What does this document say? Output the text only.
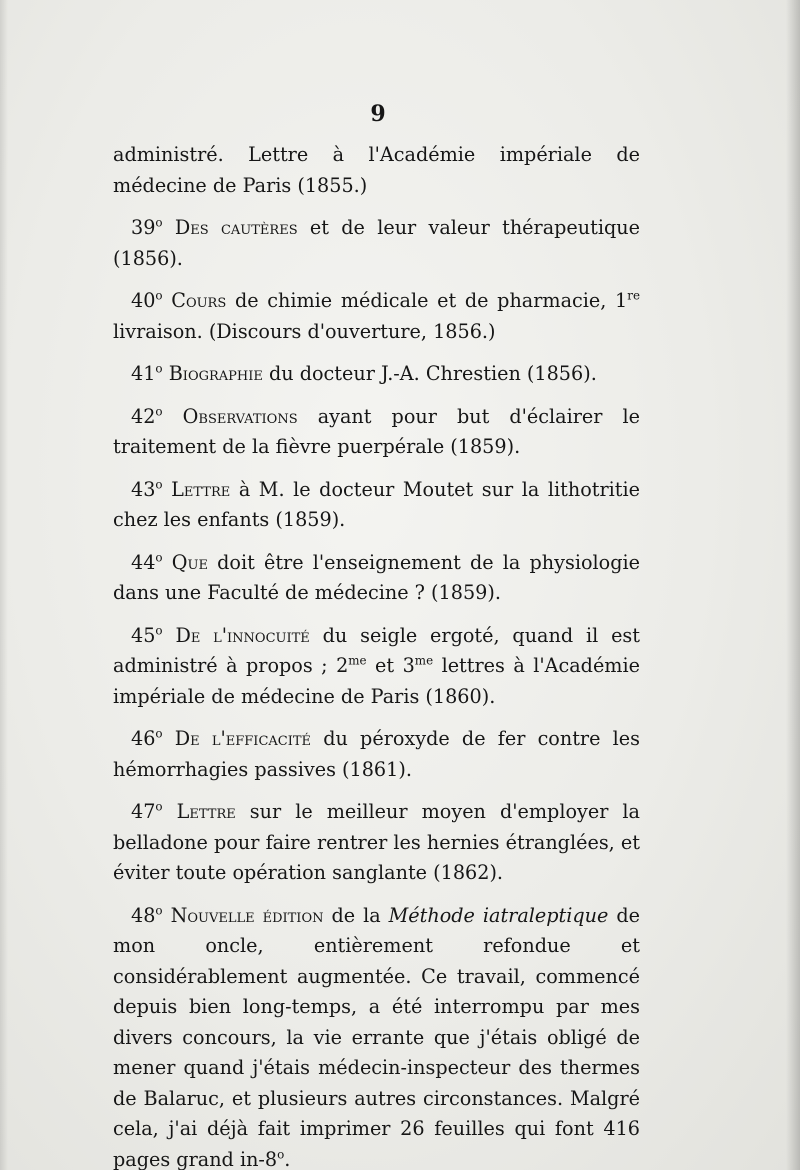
9

administré. Lettre à l'Académie impériale de médecine de Paris (1855.)

39$^o$ Des cautères et de leur valeur thérapeutique (1856).

40$^o$ Cours de chimie médicale et de pharmacie, 1re livraison. (Discours d'ouverture, 1856.)

41$^o$ Biographie du docteur J.-A. Chrestien (1856).

42$^o$ Observations ayant pour but d'éclairer le traitement de la fièvre puerpérale (1859).

43$^o$ Lettre à M. le docteur Moutet sur la lithotritie chez les enfants (1859).

44$^o$ Que doit être l'enseignement de la physiologie dans une Faculté de médecine ? (1859).

45$^o$ De l'innocuité du seigle ergoté, quand il est administré à propos ; $2^{me}$ et $3^{me}$ lettres à l'Académie impériale de médecine de Paris (1860).

46$^o$ De l'efficacité du péroxyde de fer contre les hémorrhagies passives (1861).

47$^o$ Lettre sur le meilleur moyen d'employer la belladone pour faire rentrer les hernies étranglées, et éviter toute opération sanglante (1862).

48$^o$ Nouvelle édition de la Méthode iatraleptique de mon oncle, entièrement refondue et considérablement augmentée. Ce travail, commencé depuis bien long-temps, a été interrompu par mes divers concours, la vie errante que j'étais obligé de mener quand j'étais médecin-inspecteur des thermes de Balaruc, et plusieurs autres circonstances. Malgré cela, j'ai déjà fait imprimer 26 feuilles qui font 416 pages grand in-8$^o$.
